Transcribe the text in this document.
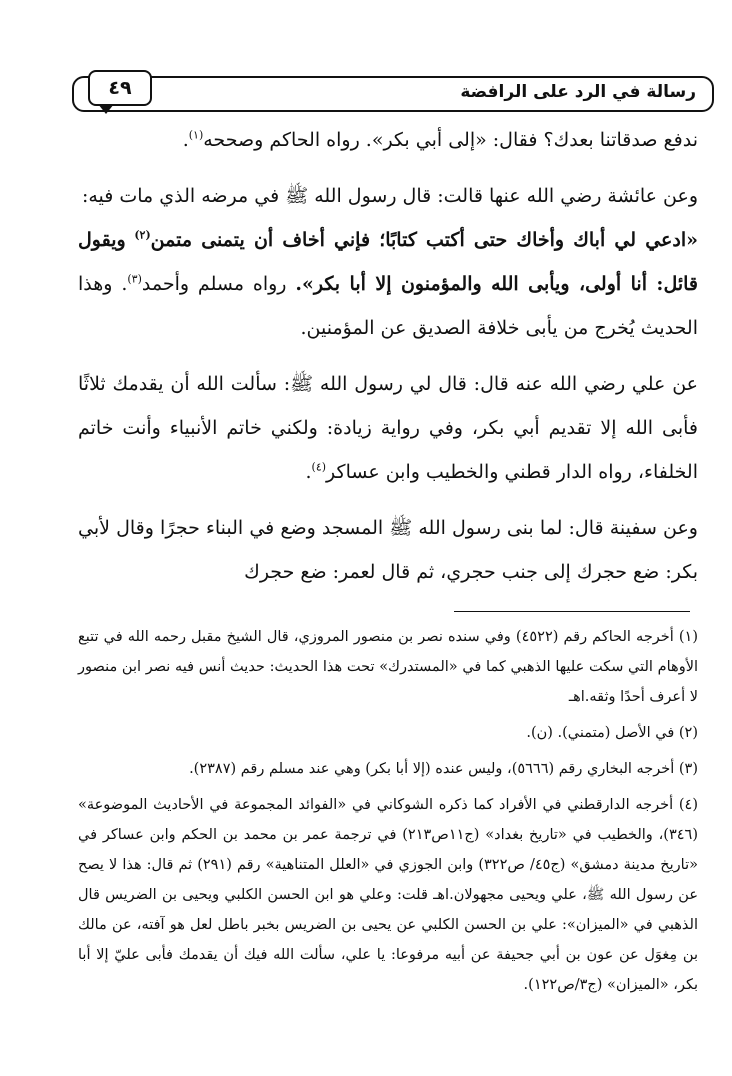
رسالة في الرد على الرافضة
٤٩

ندفع صدقاتنا بعدك؟ فقال: «إلى أبي بكر». رواه الحاكم وصححه$^{(١)}$.

وعن عائشة رضي الله عنها قالت: قال رسول الله ﷺ في مرضه الذي مات فيه:
«ادعي لي أباك وأخاك حتى أكتب كتابًا؛ فإني أخاف أن يتمنى متمن$^{(٢)}$ ويقول قائل: أنا أولى، ويأبى الله والمؤمنون إلا أبا بكر». رواه مسلم وأحمد$^{(٣)}$. وهذا الحديث يُخرج من يأبى خلافة الصديق عن المؤمنين.

عن علي رضي الله عنه قال: قال لي رسول الله ﷺ: سألت الله أن يقدمك ثلاثًا فأبى الله إلا تقديم أبي بكر، وفي رواية زيادة: ولكني خاتم الأنبياء وأنت خاتم الخلفاء، رواه الدار قطني والخطيب وابن عساكر$^{(٤)}$.

وعن سفينة قال: لما بنى رسول الله ﷺ المسجد وضع في البناء حجرًا وقال لأبي بكر: ضع حجرك إلى جنب حجري، ثم قال لعمر: ضع حجرك

(١) أخرجه الحاكم رقم (٤٥٢٢) وفي سنده نصر بن منصور المروزي، قال الشيخ مقبل رحمه الله في تتبع الأوهام التي سكت عليها الذهبي كما في «المستدرك» تحت هذا الحديث: حديث أنس فيه نصر ابن منصور لا أعرف أحدًا وثقه.اهـ

(٢) في الأصل (متمني). (ن).

(٣) أخرجه البخاري رقم (٥٦٦٦)، وليس عنده (إلا أبا بكر) وهي عند مسلم رقم (٢٣٨٧).

(٤) أخرجه الدارقطني في الأفراد كما ذكره الشوكاني في «الفوائد المجموعة في الأحاديث الموضوعة» (٣٤٦)، والخطيب في «تاريخ بغداد» (ج١١ص٢١٣) في ترجمة عمر بن محمد بن الحكم وابن عساكر في «تاريخ مدينة دمشق» (ج٤٥/ ص٣٢٢) وابن الجوزي في «العلل المتناهية» رقم (٢٩١) ثم قال: هذا لا يصح عن رسول الله ﷺ، علي ويحيى مجهولان.اهـ قلت: وعلي هو ابن الحسن الكلبي ويحيى بن الضريس قال الذهبي في «الميزان»: علي بن الحسن الكلبي عن يحيى بن الضريس بخبر باطل لعل هو آفته، عن مالك بن مِغوَل عن عون بن أبي جحيفة عن أبيه مرفوعا: يا علي، سألت الله فيك أن يقدمك فأبى عليّ إلا أبا بكر، «الميزان» (ج٣/ص١٢٢).
